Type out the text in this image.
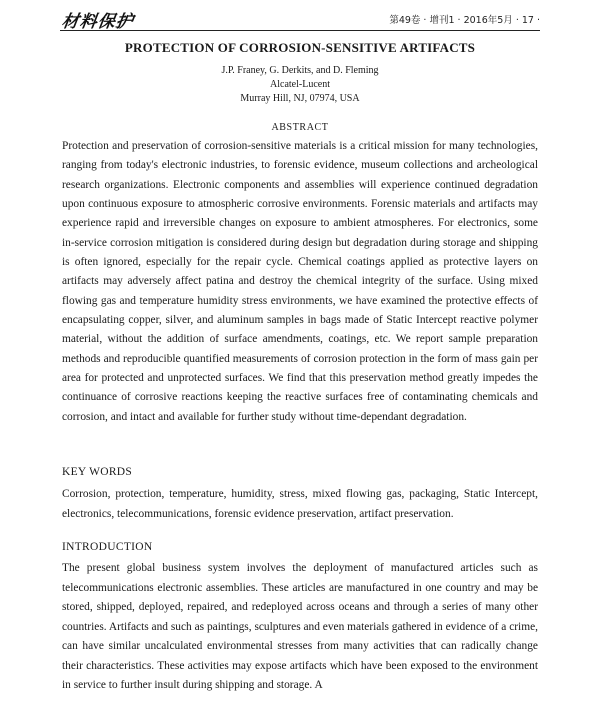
材料保护	第49卷 · 增刊1 · 2016年5月 · 17 ·
PROTECTION OF CORROSION-SENSITIVE ARTIFACTS
J.P. Franey, G. Derkits, and D. Fleming
Alcatel-Lucent
Murray Hill, NJ, 07974, USA
ABSTRACT

Protection and preservation of corrosion-sensitive materials is a critical mission for many technologies, ranging from today's electronic industries, to forensic evidence, museum collections and archeological research organizations. Electronic components and assemblies will experience continued degradation upon continuous exposure to atmospheric corrosive environments. Forensic materials and artifacts may experience rapid and irreversible changes on exposure to ambient atmospheres. For electronics, some in-service corrosion mitigation is considered during design but degradation during storage and shipping is often ignored, especially for the repair cycle. Chemical coatings applied as protective layers on artifacts may adversely affect patina and destroy the chemical integrity of the surface. Using mixed flowing gas and temperature humidity stress environments, we have examined the protective effects of encapsulating copper, silver, and aluminum samples in bags made of Static Intercept reactive polymer material, without the addition of surface amendments, coatings, etc. We report sample preparation methods and reproducible quantified measurements of corrosion protection in the form of mass gain per area for protected and unprotected surfaces. We find that this preservation method greatly impedes the continuance of corrosive reactions keeping the reactive surfaces free of contaminating chemicals and corrosion, and intact and available for further study without time-dependant degradation.

KEY WORDS

Corrosion, protection, temperature, humidity, stress, mixed flowing gas, packaging, Static Intercept, electronics, telecommunications, forensic evidence preservation, artifact preservation.

INTRODUCTION

The present global business system involves the deployment of manufactured articles such as telecommunications electronic assemblies. These articles are manufactured in one country and may be stored, shipped, deployed, repaired, and redeployed across oceans and through a series of many other countries. Artifacts and such as paintings, sculptures and even materials gathered in evidence of a crime, can have similar uncalculated environmental stresses from many activities that can radically change their characteristics. These activities may expose artifacts which have been exposed to the environment in service to further insult during shipping and storage. A
